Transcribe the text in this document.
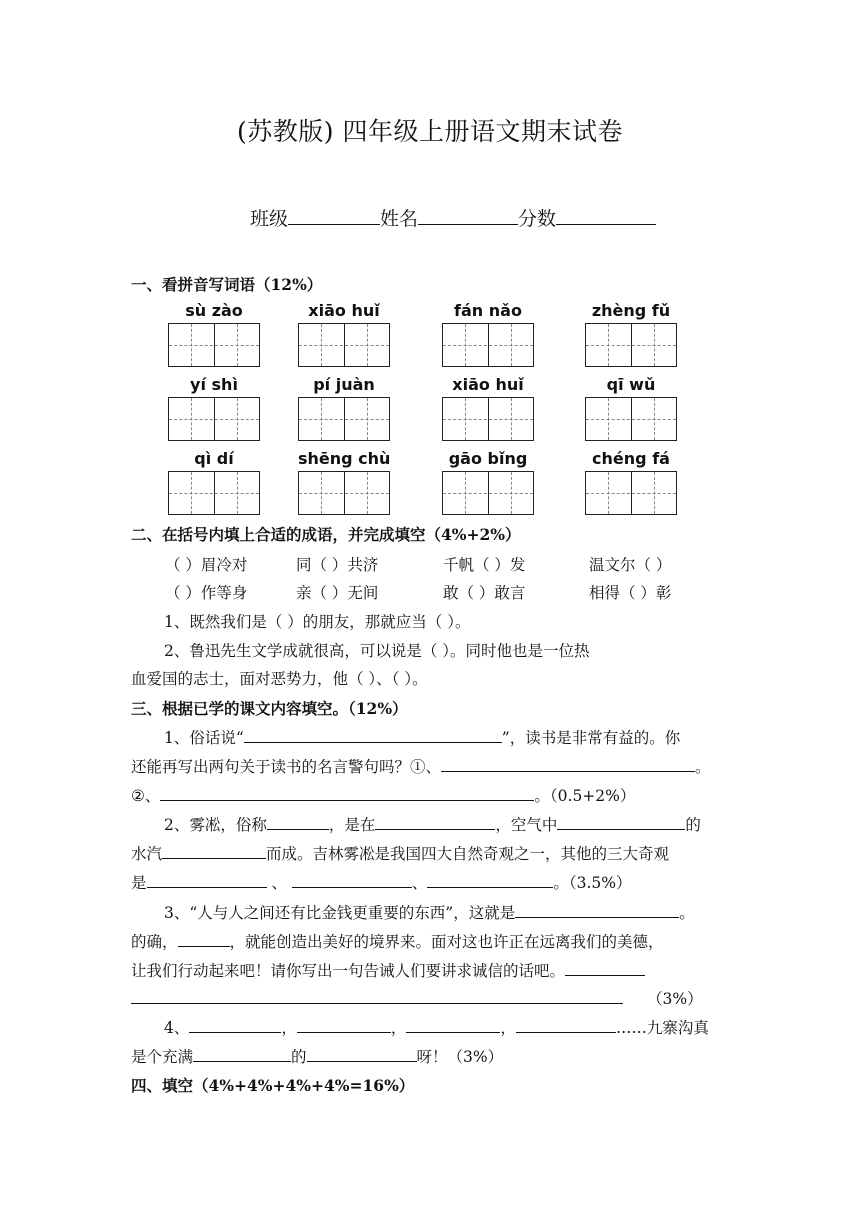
(苏教版) 四年级上册语文期末试卷
班级	姓名	分数
一、看拼音写词语（12%）
sù zào	xiāo huǐ	fán nǎo	zhèng fǔ
yí shì	pí juàn	xiāo huǐ	qī wǔ
qì dí	shēng chù	gāo bǐng	chéng fá
二、在括号内填上合适的成语，并完成填空（4%+2%）
（ ）眉冷对	同（ ）共济	千帆（ ）发	温文尔（ ）
（ ）作等身	亲（ ）无间	敢（ ）敢言	相得（ ）彰
1、既然我们是（ ）的朋友，那就应当（ ）。
2、鲁迅先生文学成就很高，可以说是（ ）。同时他也是一位热
血爱国的志士，面对恶势力，他（ ）、（ ）。
三、根据已学的课文内容填空。（12%）
1、俗话说“	”，读书是非常有益的。你
还能再写出两句关于读书的名言警句吗？①、	。
②、	。（0.5+2%）
2、雾凇，俗称	，是在	，空气中	的
水汽	而成。吉林雾凇是我国四大自然奇观之一，其他的三大奇观
是	、	、	。（3.5%）
3、“人与人之间还有比金钱更重要的东西”，这就是	。
的确，	，就能创造出美好的境界来。面对这也许正在远离我们的美德，
让我们行动起来吧！请你写出一句告诫人们要讲求诚信的话吧。
（3%）
4、	，	，	，	……九寨沟真
是个充满	的	呀！（3%）
四、填空（4%+4%+4%+4%=16%）
